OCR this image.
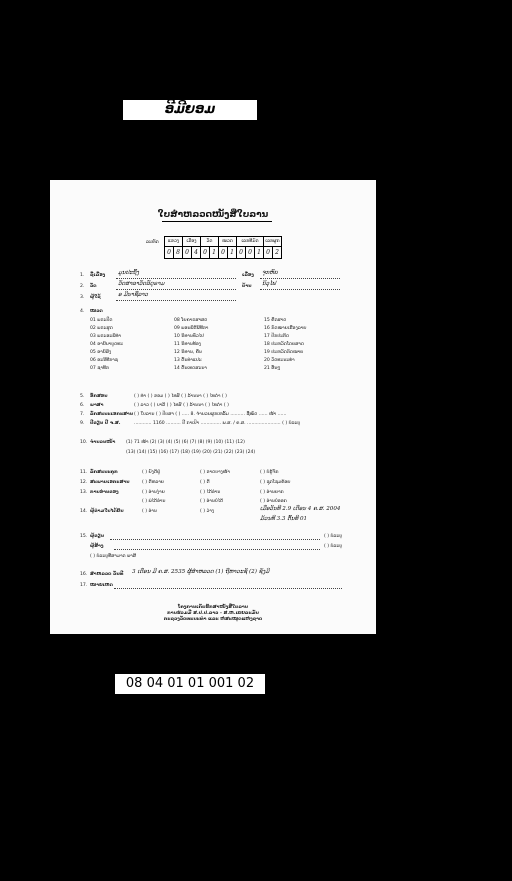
ອີມີຍອມ
ໃບສຳຫລວດໜັງສືໃບລານ
ລະຫັດ ແຂວງ		ເມືອງ		ວັດ		ໝວດ		ເລກທີມັດ			ເລກຜູກ	
0	8	0	4	0	1	0	1	0	0	1	0	2
1. ຊື່ເລື່ອງ ມູນປະຖົ້ງ	ເລື່ອງ ຈຸກຫົຍ
2. ວັດ	ວັດສາລາວັດລ໌ດຸຣາມ	ບ້ານ ນິວຸໄຟ
3. ຜູ້ໃຊ້	ອ ມີນາຊື່ລາວ
4. ໝວດ
01 ພຣະປິດ	08 ໂຍຄາຣສາສດ	15 ຄືດສາດ
02 ພຣະສູດ	09 ພອນພີຣີພີທີກາ	16 ກົດໝາຍເຮືອງລາຍ
03 ພຣະອະພີທຳ	10 ນິທານທົ່ວໄປ	17 ປັກປະຕິດ
04 ອານີນາບູດທະ	11 ນິທານທ້ອງ	18 ປະຫວັດໂດຍສາດ
05 ອານິສົງ	12 ນິທານ, ຄືນ	19 ປະຫວັດກົດໝາຍ
06 ອະນີທີກາຊ	13 ດົ້ນທ່າແປະ	20 ວັດທະນະທຳ
07 ຊາທີກ	14 ດົ້ນເທດສະນາ	21 ອື່ນໆ
5. ອັກສອນ	( ) ທຳ ( ) ຂອມ ( ) ໄທສ໌ ( ) ລ້ານນາ ( ) ໄທດຳ ( )
6. ພາສາ	( ) ລາວ ( ) ບາລີ ( ) ໄທສ໌ ( ) ລ້ານນາ ( ) ໄທດຳ ( )
7. ລັກສະນະເອກະສານ ( ) ໃບລານ ( ) ປັບສາ ( ) ..... 8. ຈຳນວນຜູກເຫລັ້ມ .......... ຊື່ໝົດ ...... ໜ້າ ......
9. ປີຂຽນ ປີ ຈ.ສ.	............ 1160 .......... ປີ ກາເປົາ .............. ພ.ສ. / ຄ.ສ. ....................... ( ) ບໍ່ລະບຸ
10. ຈຳນວນໜ້າ (1) 71 ໜ້າ (2) (3) (4) (5) (6) (7) (8) (9) (10) (11) (12)
(13) (14) (15) (16) (17) (18) (19) (20) (21) (22) (23) (24)
11. ລັກສະນະຄູກ	( ) ຍັງດີຢູ່	( ) ຂາດບາງໜ້າ	( ) ບໍ່ຮູ້ຈັກ
12. ສະພາບເອກະສານ	( ) ດີຫລາຍ	( ) ດີ	( ) ຊຸດໂຊມຄ້ອຍ
13. ການອ່ານຂອງ	( ) ອ່ານງ່າຍ	( ) ໄດ້ອ່ານ	( ) ອ່ານຍາກ
( ) ພໍໄດ້ອ່ານ	( ) ອ່ານບໍ່ໄດ້	( ) ອ່ານບໍ່ອອກ
14. ຜູ້ຂ່າມໃນໄດ້ຍິນ	( ) ອ່ານ	( ) ວ່າງ	ເມື່ອວັນທີ 2.9 ເດືອນ 4 ຄ.ສ. 2004
ມ້ວນທີ 3.3 ຕົ້ນທີ 01
15. ຜູ້ຂຽນ	( ) ບໍ່ລະບຸ
ຜູ້ສ້າງ	( ) ບໍ່ລະບຸ
( ) ບໍ່ລະບຸທີ່ສາມາດ ພາສີ
16. ສຳຫລວດ ວັນທີ 3 ເດືອນ ມີ ຄ.ສ. 2535 ຜູ້ສຳຫລວດ (1) ຖືຫາວະຊັ (2) ຊັງມີ
17. ໝາຍເຫດ
ໂຄງການເກັບຮັກສາໜັງສືໃບລານ
ການຮ່ວມມື ສ.ປ.ປ.ລາວ - ສ.ຫ.ເຍຍລະມັນ
ກະຊວງວັດທະນະທຳ ແລະ ຫໍສະໝຸດແຫ່ງຊາດ
08 04 01 01 001 02
